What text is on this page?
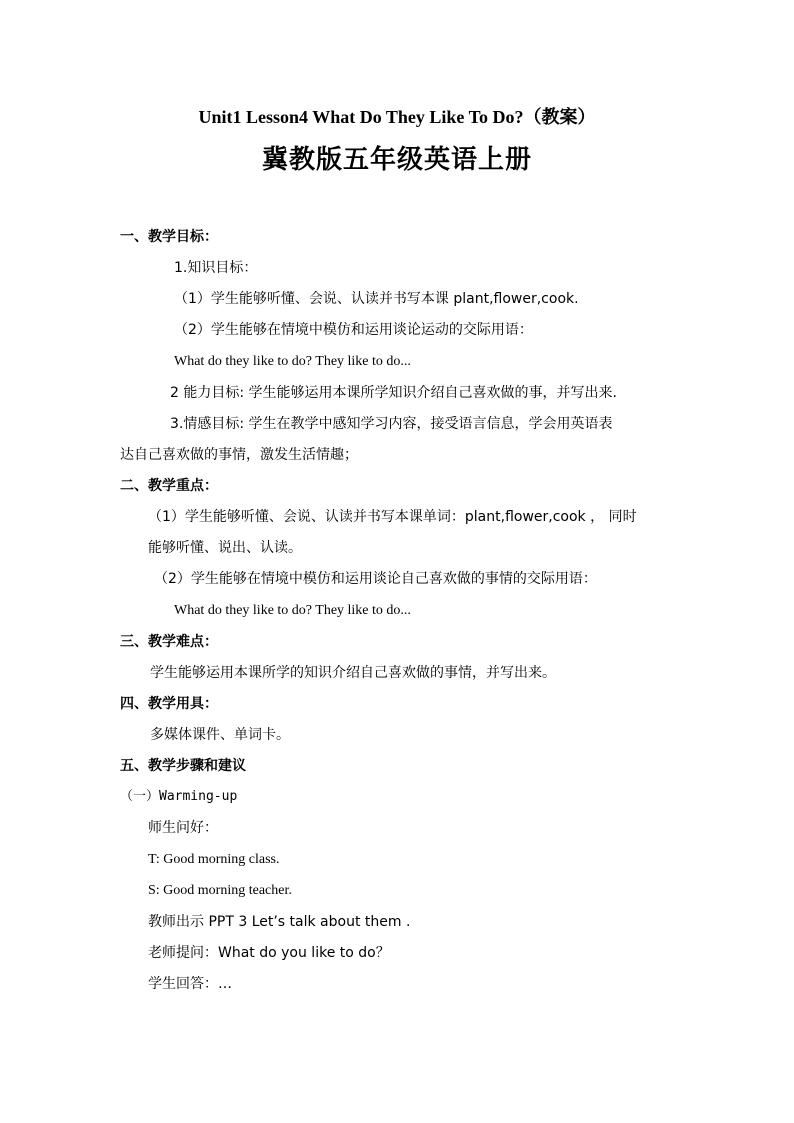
Unit1 Lesson4 What Do They Like To Do?（教案）
冀教版五年级英语上册
一、教学目标：
1.知识目标：
（1）学生能够听懂、会说、认读并书写本课 plant,flower,cook.
（2）学生能够在情境中模仿和运用谈论运动的交际用语：
What do they like to do? They like to do...
2 能力目标: 学生能够运用本课所学知识介绍自己喜欢做的事，并写出来.
3.情感目标: 学生在教学中感知学习内容，接受语言信息，学会用英语表
达自己喜欢做的事情，激发生活情趣；
二、教学重点：
（1）学生能够听懂、会说、认读并书写本课单词：plant,flower,cook ， 同时
能够听懂、说出、认读。
（2）学生能够在情境中模仿和运用谈论自己喜欢做的事情的交际用语：
What do they like to do? They like to do...
三、教学难点：
学生能够运用本课所学的知识介绍自己喜欢做的事情，并写出来。
四、教学用具：
多媒体课件、单词卡。
五、教学步骤和建议
（一）Warming-up
师生问好：
T: Good morning class.
S: Good morning teacher.
教师出示 PPT 3 Let’s talk about them .
老师提问：What do you like to do？
学生回答：…
